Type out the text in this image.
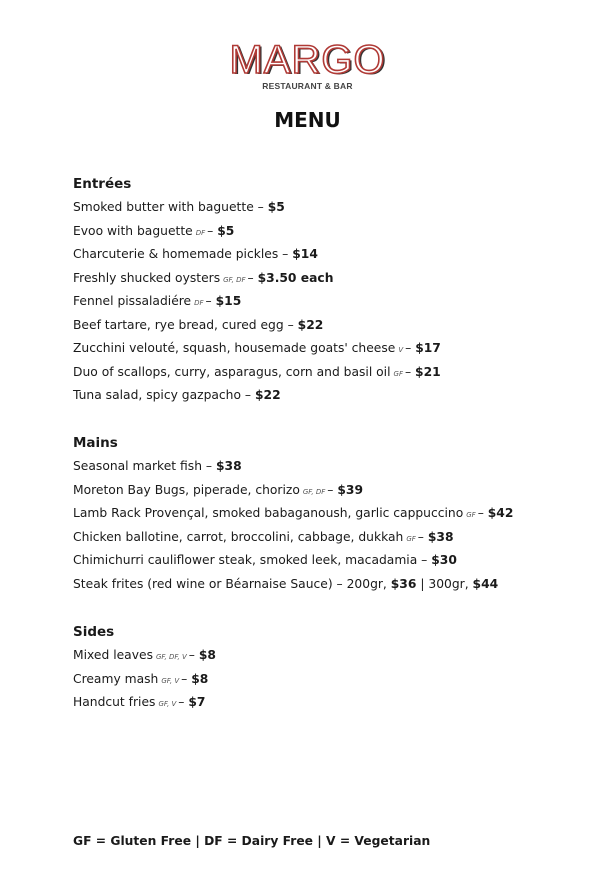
MARGO
RESTAURANT & BAR
MENU
Entrées
Smoked butter with baguette – $5
Evoo with baguette DF – $5
Charcuterie & homemade pickles – $14
Freshly shucked oysters GF, DF – $3.50 each
Fennel pissaladiére DF – $15
Beef tartare, rye bread, cured egg – $22
Zucchini velouté, squash, housemade goats' cheese V – $17
Duo of scallops, curry, asparagus, corn and basil oil GF – $21
Tuna salad, spicy gazpacho – $22
Mains
Seasonal market fish – $38
Moreton Bay Bugs, piperade, chorizo GF, DF – $39
Lamb Rack Provençal, smoked babaganoush, garlic cappuccino GF – $42
Chicken ballotine, carrot, broccolini, cabbage, dukkah GF – $38
Chimichurri cauliflower steak, smoked leek, macadamia – $30
Steak frites (red wine or Béarnaise Sauce) – 200gr, $36 | 300gr, $44
Sides
Mixed leaves GF, DF, V – $8
Creamy mash GF, V – $8
Handcut fries GF, V – $7
GF = Gluten Free | DF = Dairy Free | V = Vegetarian
